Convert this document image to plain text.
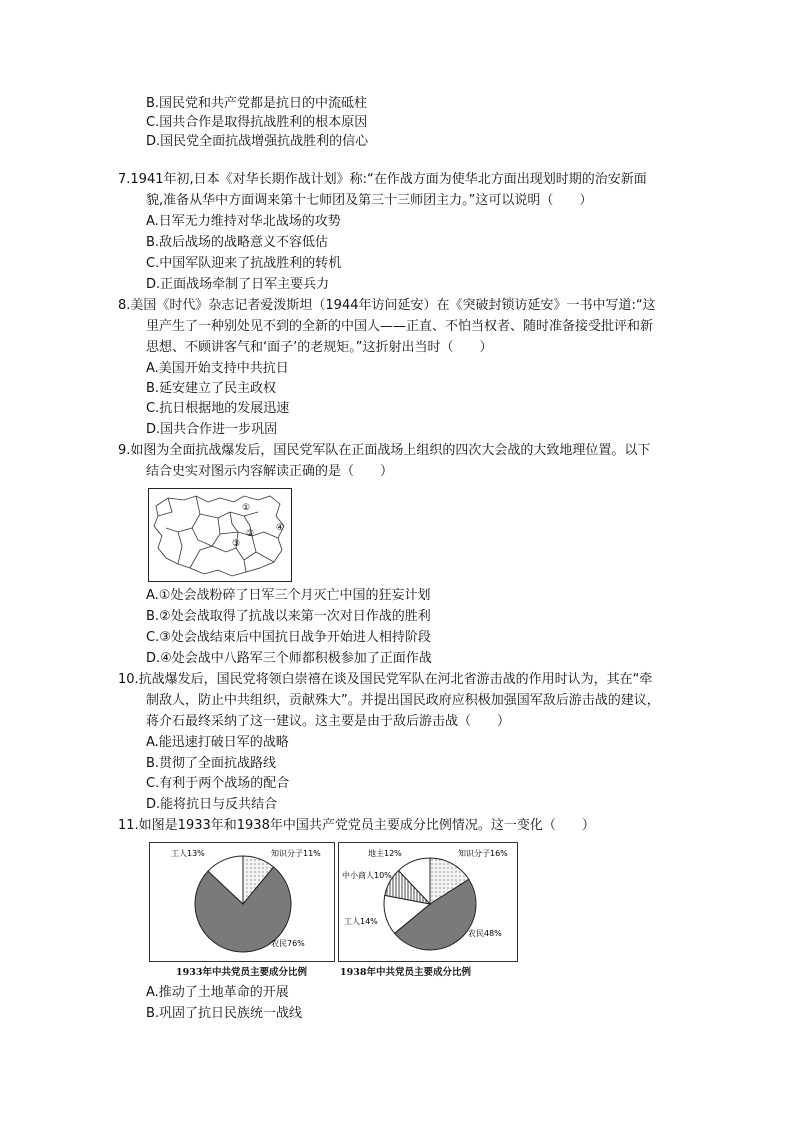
B.国民党和共产党都是抗日的中流砥柱
C.国共合作是取得抗战胜利的根本原因
D.国民党全面抗战增强抗战胜利的信心
7.1941年初,日本《对华长期作战计划》称:“在作战方面为使华北方面出现划时期的治安新面
貌,准备从华中方面调来第十七师团及第三十三师团主力。”这可以说明（　　）
A.日军无力维持对华北战场的攻势
B.敌后战场的战略意义不容低估
C.中国军队迎来了抗战胜利的转机
D.正面战场牵制了日军主要兵力
8.美国《时代》杂志记者爱泼斯坦（1944年访问延安）在《突破封锁访延安》一书中写道:“这
里产生了一种别处见不到的全新的中国人——正直、不怕当权者、随时准备接受批评和新
思想、不顾讲客气和‘面子’的老规矩。”这折射出当时（　　）
A.美国开始支持中共抗日
B.延安建立了民主政权
C.抗日根据地的发展迅速
D.国共合作进一步巩固
9.如图为全面抗战爆发后，国民党军队在正面战场上组织的四次大会战的大致地理位置。以下
结合史实对图示内容解读正确的是（　　）
①
②
③
④
A.①处会战粉碎了日军三个月灭亡中国的狂妄计划
B.②处会战取得了抗战以来第一次对日作战的胜利
C.③处会战结束后中国抗日战争开始进人相持阶段
D.④处会战中八路军三个师都积极参加了正面作战
10.抗战爆发后，国民党将领白崇禧在谈及国民党军队在河北省游击战的作用时认为，其在“牵
制敌人，防止中共组织，贡献殊大”。并提出国民政府应积极加强国军敌后游击战的建议，
蒋介石最终采纳了这一建议。这主要是由于敌后游击战（　　）
A.能迅速打破日军的战略
B.贯彻了全面抗战路线
C.有利于两个战场的配合
D.能将抗日与反共结合
11.如图是1933年和1938年中国共产党党员主要成分比例情况。这一变化（　　）
工人13%	知识分子11%
农民76%
1933年中共党员主要成分比例
地主12%	知识分子16%
中小商人10%
工人14%
农民48%
1938年中共党员主要成分比例
A.推动了土地革命的开展
B.巩固了抗日民族统一战线
